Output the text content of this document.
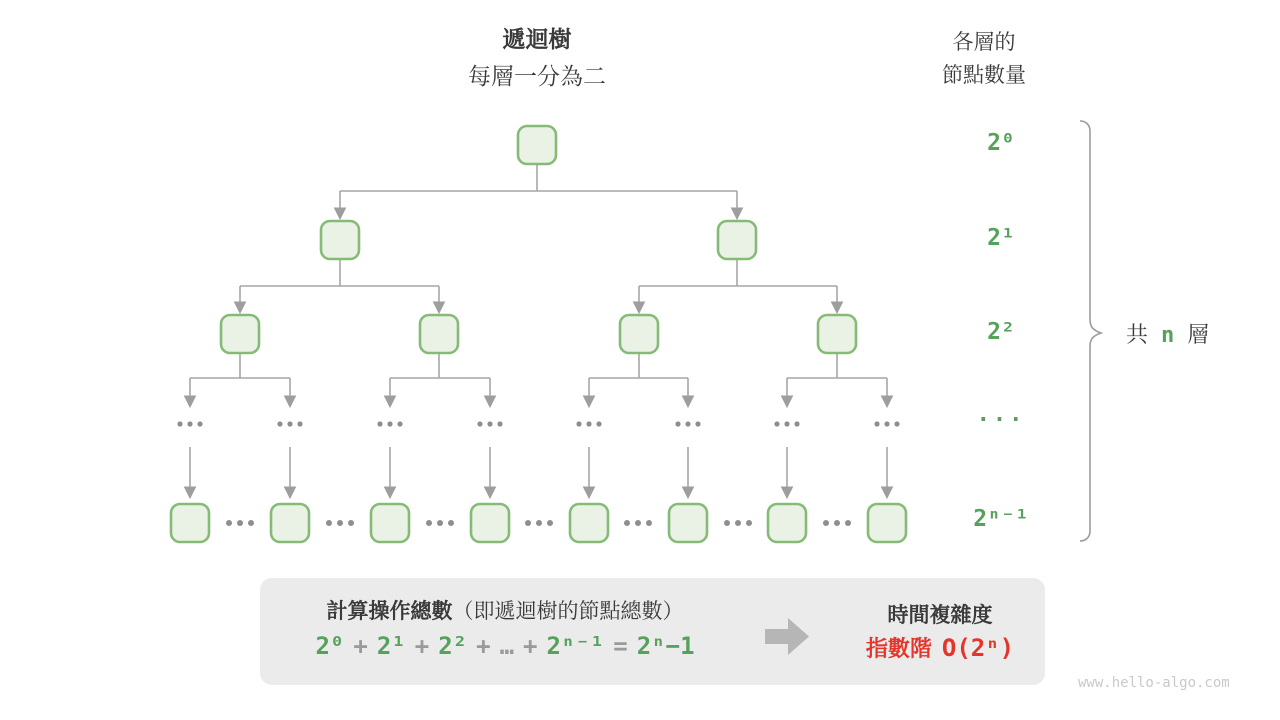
遞迴樹
每層一分為二
各層的
節點數量
2⁰
2¹
2²
···
2ⁿ⁻¹
共 n 層
計算操作總數（即遞迴樹的節點總數）
2⁰ + 2¹ + 2² + … + 2ⁿ⁻¹ = 2ⁿ−1
時間複雜度
指數階 O(2ⁿ)
www.hello-algo.com
